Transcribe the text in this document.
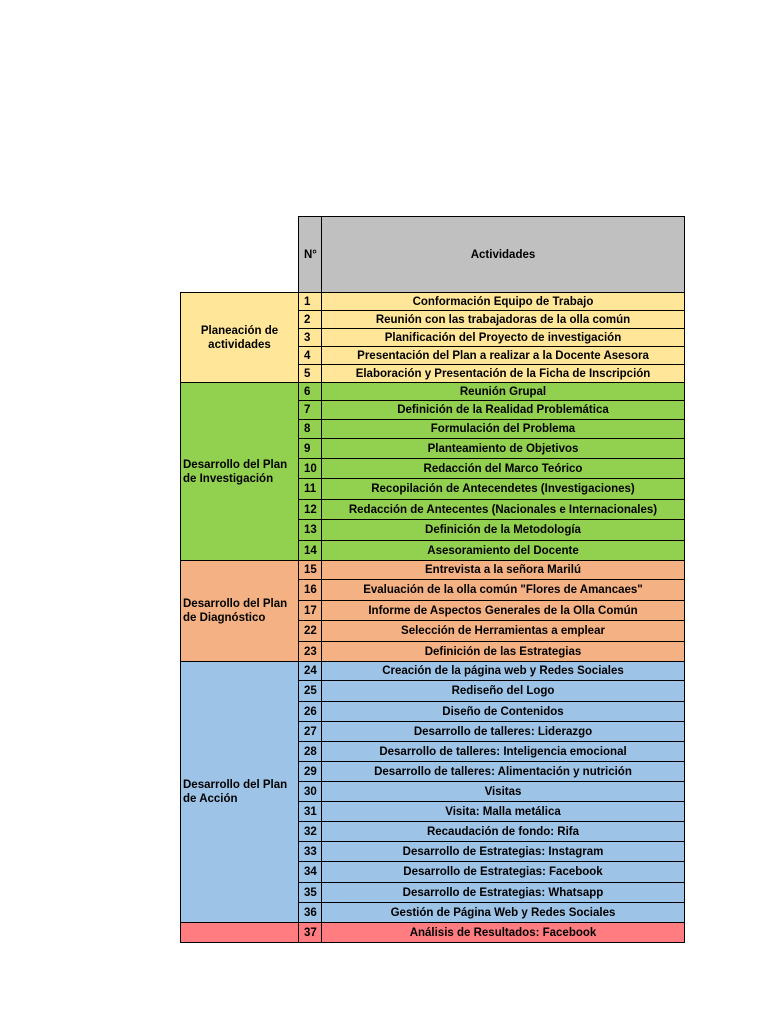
	N°	Actividades
Planeación de actividades	1	Conformación Equipo de Trabajo
	2	Reunión con las trabajadoras de la olla común
	3	Planificación del Proyecto de investigación
	4	Presentación del Plan a realizar a la Docente Asesora
	5	Elaboración y Presentación de la Ficha de Inscripción
Desarrollo del Plan de Investigación	6	Reunión Grupal
	7	Definición de la Realidad Problemática
	8	Formulación del Problema
	9	Planteamiento de Objetivos
	10	Redacción del Marco Teórico
	11	Recopilación de Antecendetes (Investigaciones)
	12	Redacción de Antecentes (Nacionales e Internacionales)
	13	Definición de la Metodología
	14	Asesoramiento del Docente
Desarrollo del Plan de Diagnóstico	15	Entrevista a la señora Marilú
	16	Evaluación de la olla común "Flores de Amancaes"
	17	Informe de Aspectos Generales de la Olla Común
	22	Selección de Herramientas a emplear
	23	Definición de las Estrategias
Desarrollo del Plan de Acción	24	Creación de la página web y Redes Sociales
	25	Rediseño del Logo
	26	Diseño de Contenidos
	27	Desarrollo de talleres: Liderazgo
	28	Desarrollo de talleres: Inteligencia emocional
	29	Desarrollo de talleres: Alimentación y nutrición
	30	Visitas
	31	Visita: Malla metálica
	32	Recaudación de fondo: Rifa
	33	Desarrollo de Estrategias: Instagram
	34	Desarrollo de Estrategias: Facebook
	35	Desarrollo de Estrategias: Whatsapp
	36	Gestión de Página Web y Redes Sociales
	37	Análisis de Resultados: Facebook
